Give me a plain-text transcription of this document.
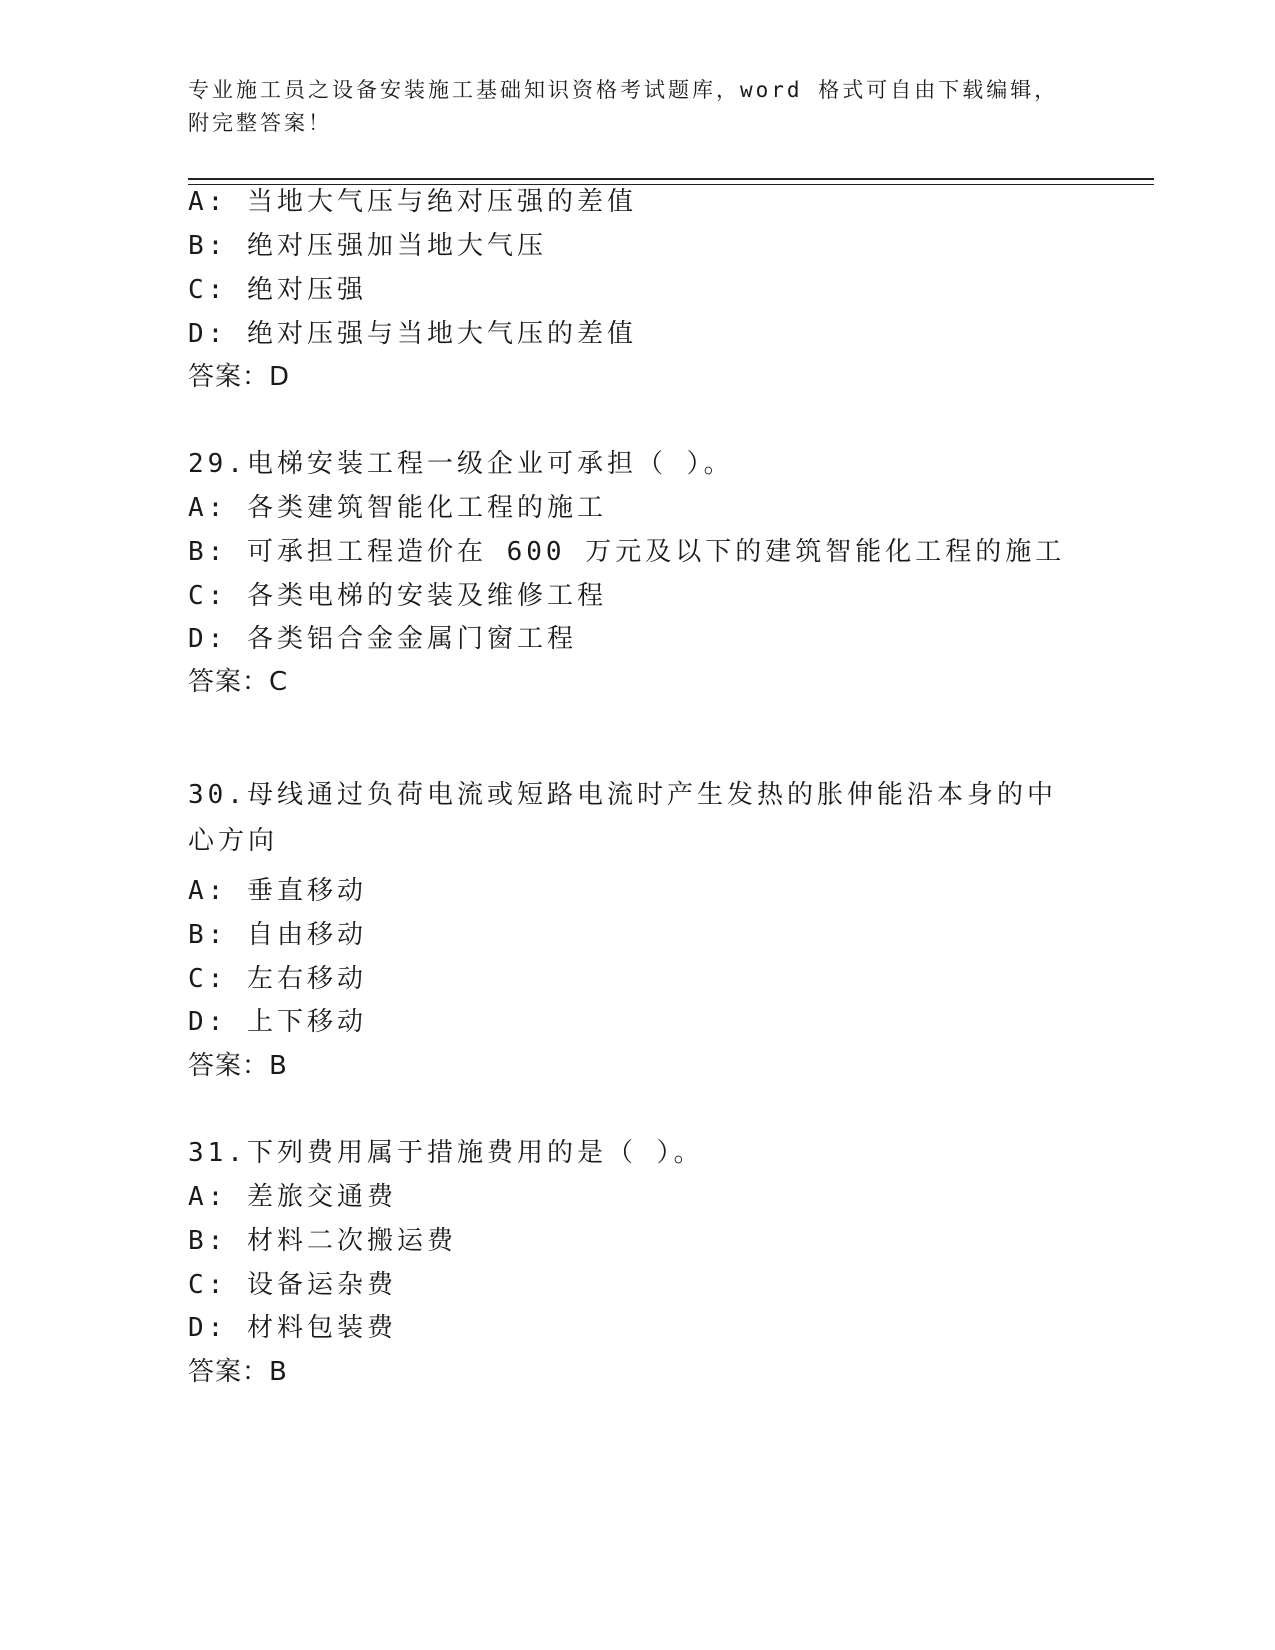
专业施工员之设备安装施工基础知识资格考试题库，word 格式可自由下载编辑，
附完整答案！
A: 当地大气压与绝对压强的差值
B: 绝对压强加当地大气压
C: 绝对压强
D: 绝对压强与当地大气压的差值
答案：D
29.电梯安装工程一级企业可承担（ ）。
A: 各类建筑智能化工程的施工
B: 可承担工程造价在 600 万元及以下的建筑智能化工程的施工
C: 各类电梯的安装及维修工程
D: 各类铝合金金属门窗工程
答案：C
30.母线通过负荷电流或短路电流时产生发热的胀伸能沿本身的中心方向
A: 垂直移动
B: 自由移动
C: 左右移动
D: 上下移动
答案：B
31.下列费用属于措施费用的是（ ）。
A: 差旅交通费
B: 材料二次搬运费
C: 设备运杂费
D: 材料包装费
答案：B
